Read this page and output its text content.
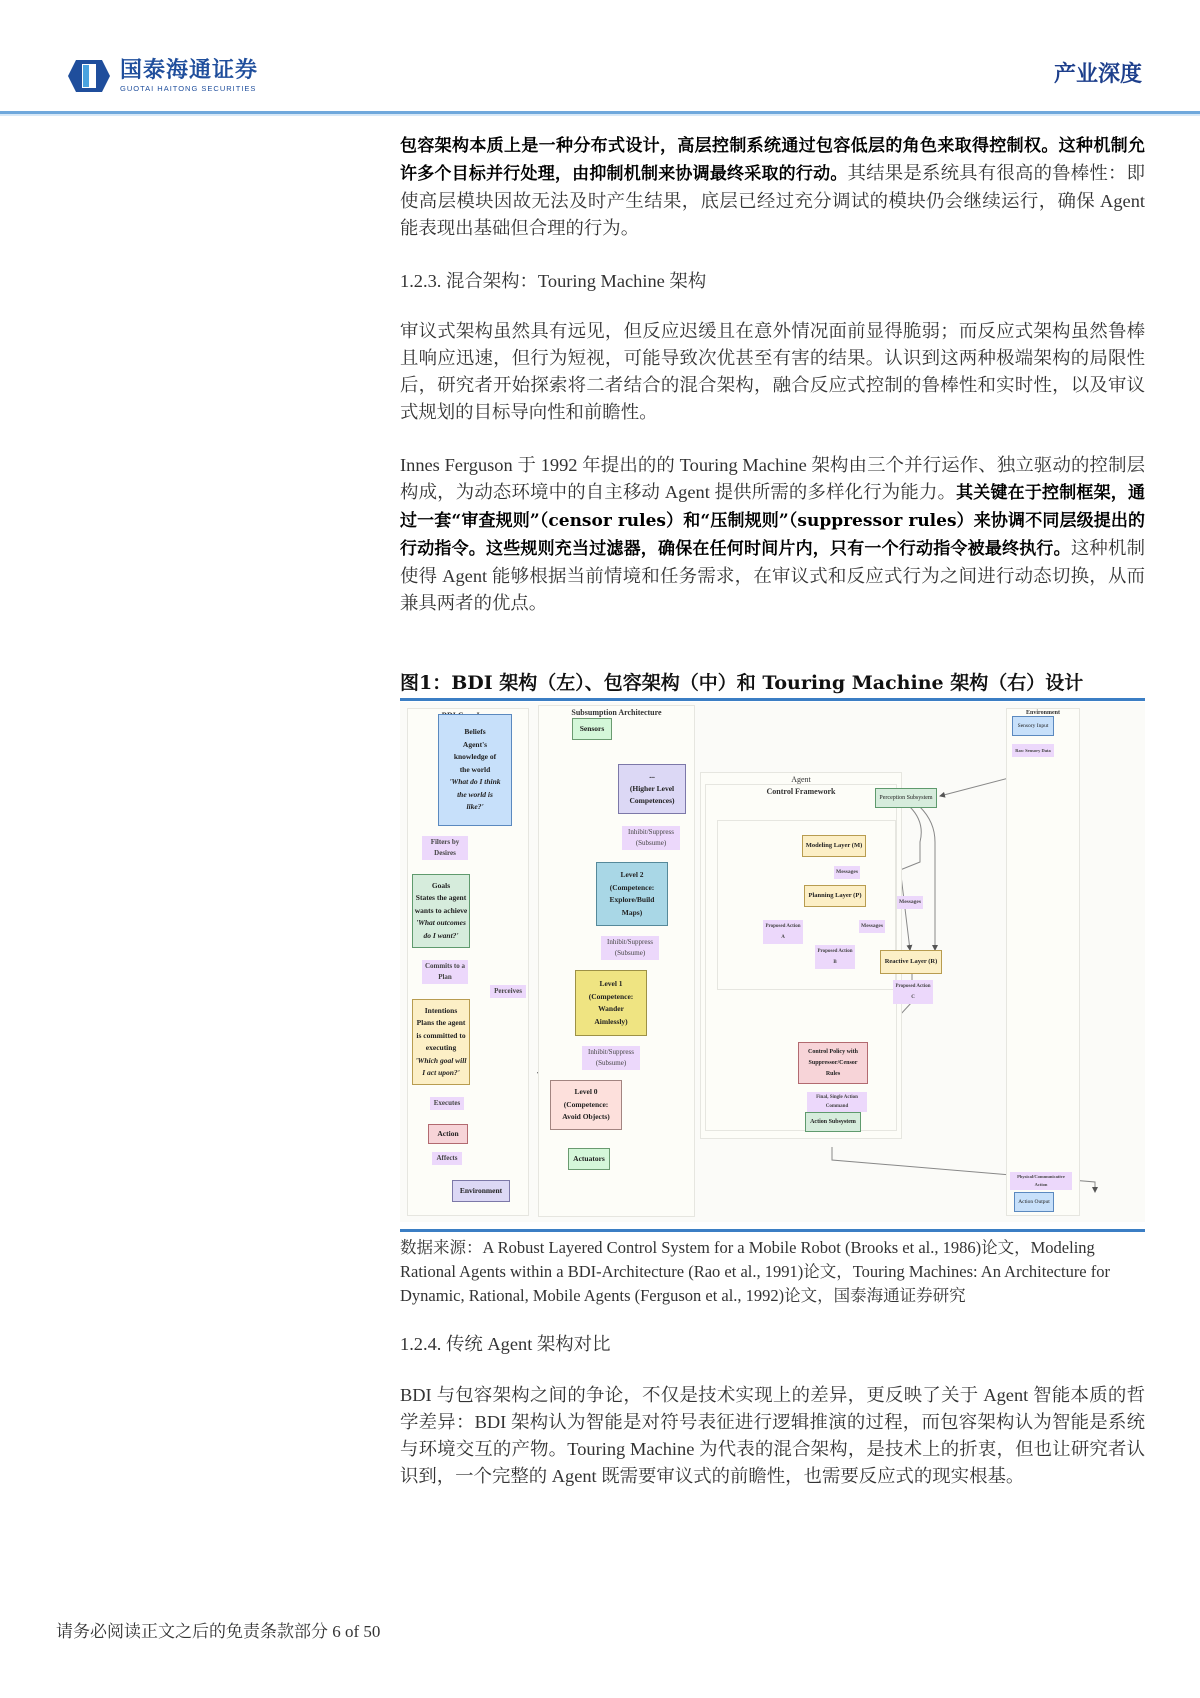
国泰海通证券
GUOTAI HAITONG SECURITIES
产业深度

包容架构本质上是一种分布式设计，高层控制系统通过包容低层的角色来取得控制权。这种机制允许多个目标并行处理，由抑制机制来协调最终采取的行动。其结果是系统具有很高的鲁棒性：即使高层模块因故无法及时产生结果，底层已经过充分调试的模块仍会继续运行，确保 Agent 能表现出基础但合理的行为。

1.2.3. 混合架构：Touring Machine 架构

审议式架构虽然具有远见，但反应迟缓且在意外情况面前显得脆弱；而反应式架构虽然鲁棒且响应迅速，但行为短视，可能导致次优甚至有害的结果。认识到这两种极端架构的局限性后，研究者开始探索将二者结合的混合架构，融合反应式控制的鲁棒性和实时性，以及审议式规划的目标导向性和前瞻性。

Innes Ferguson 于 1992 年提出的的 Touring Machine 架构由三个并行运作、独立驱动的控制层构成，为动态环境中的自主移动 Agent 提供所需的多样化行为能力。其关键在于控制框架，通过一套“审查规则”（censor rules）和“压制规则”（suppressor rules）来协调不同层级提出的行动指令。这些规则充当过滤器，确保在任何时间片内，只有一个行动指令被最终执行。这种机制使得 Agent 能够根据当前情境和任务需求，在审议式和反应式行为之间进行动态切换，从而兼具两者的优点。

图1：BDI 架构（左）、包容架构（中）和 Touring Machine 架构（右）设计
Beliefs
Agent's
knowledge of
the world
'What do I think
the world is
like?'
Filters by
Desires
Goals
States the agent
wants to achieve
'What outcomes
do I want?'
Commits to a
Plan
Intentions
Plans the agent
is committed to
executing
'Which goal will
I act upon?'
Executes
Action
Affects
Environment
Perceives
Subsumption Architecture
Sensors
...
(Higher Level
Competences)
Inhibit/Suppress
(Subsume)
Level 2
(Competence:
Explore/Build
Maps)
Inhibit/Suppress
(Subsume)
Level 1
(Competence:
Wander
Aimlessly)
Inhibit/Suppress
(Subsume)
Level 0
(Competence:
Avoid Objects)
Actuators
Agent
Control Framework
Perception Subsystem
Modeling Layer (M)
Messages
Planning Layer (P)
Messages
Messages
Reactive Layer (R)
Proposed Action A
Proposed Action B
Proposed Action C
Control Policy with
Suppressor/Censor
Rules
Final, Single Action
Command
Action Subsystem
Environment
Sensory Input
Raw Sensory Data
Physical/Communicative
Action
Action Output
数据来源：A Robust Layered Control System for a Mobile Robot (Brooks et al., 1986)论文，Modeling Rational Agents within a BDI-Architecture (Rao et al., 1991)论文，Touring Machines: An Architecture for Dynamic, Rational, Mobile Agents (Ferguson et al., 1992)论文，国泰海通证券研究

1.2.4. 传统 Agent 架构对比

BDI 与包容架构之间的争论，不仅是技术实现上的差异，更反映了关于 Agent 智能本质的哲学差异：BDI 架构认为智能是对符号表征进行逻辑推演的过程，而包容架构认为智能是系统与环境交互的产物。Touring Machine 为代表的混合架构，是技术上的折衷，但也让研究者认识到，一个完整的 Agent 既需要审议式的前瞻性，也需要反应式的现实根基。

请务必阅读正文之后的免责条款部分 6 of 50
